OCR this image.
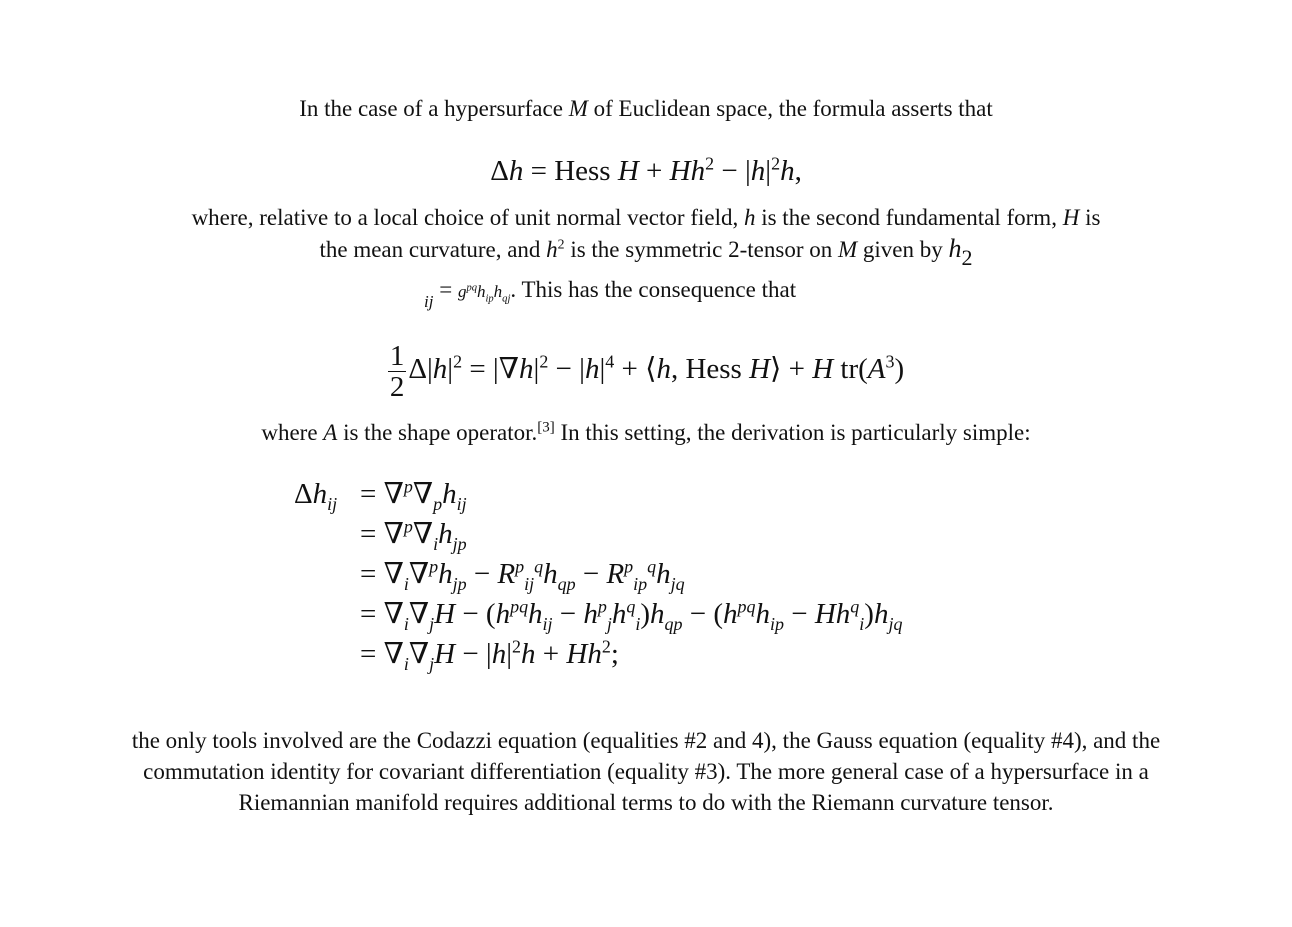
In the case of a hypersurface M of Euclidean space, the formula asserts that
Δh = Hess $H + Hh^2 - |h|^2h$,
where, relative to a local choice of unit normal vector field, h is the second fundamental form, H is
the mean curvature, and $h^2$ is the symmetric 2-tensor on M given by $h_2$
$_{ij} = g^{pq}h_{ip}h_{qj}$. This has the consequence that
$\frac{1}{2} \Delta|h|^2 = |\nabla h|^2 - |h|^4$ + ⟨h, Hess H⟩ + H $tr(A^3)$
where A is the shape operator.[3] In this setting, the derivation is particularly simple:
$\Delta h_{ij} = \nabla^p\nabla_ph_{ij}$
= $\nabla^p\nabla_ih_{jp}$
= $\nabla_i\nabla^ph_{jp} - R^p_{ij}^qh_{qp} - R^p_{ip}^qh_{jq}$
= $\nabla_i\nabla_jH - (h^{pq}h_{ij} - h^p_jh^q_i)h_{qp} - (h^{pq}h_{ip} - Hh^q_i)h_{jq}$
= $\nabla_i\nabla_jH - |h|^2h + Hh^2$;
the only tools involved are the Codazzi equation (equalities #2 and 4), the Gauss equation (equality #4), and the commutation identity for covariant differentiation (equality #3). The more general case of a hypersurface in a Riemannian manifold requires additional terms to do with the Riemann curvature tensor.
